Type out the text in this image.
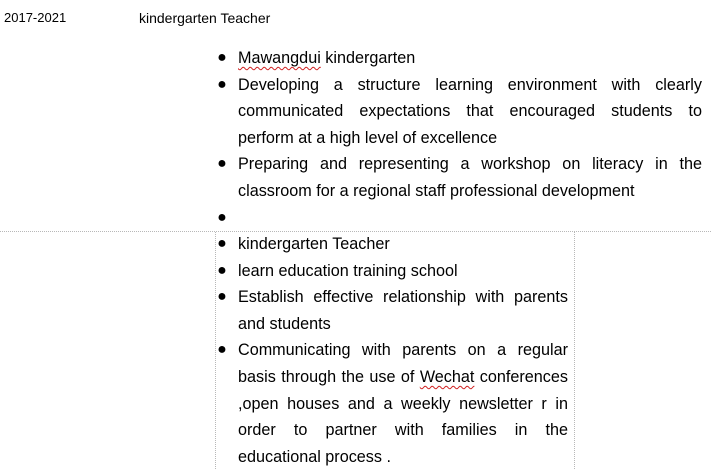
2017-2021	kindergarten Teacher
● Mawangdui kindergarten
● Developing a structure learning environment with clearly communicated expectations that encouraged students to perform at a high level of excellence
● Preparing and representing a workshop on literacy in the classroom for a regional staff professional development
●

● kindergarten Teacher
● learn education training school
● Establish effective relationship with parents and students
● Communicating with parents on a regular basis through the use of Wechat conferences ,open houses and a weekly newsletter r in order to partner with families in the educational process .
